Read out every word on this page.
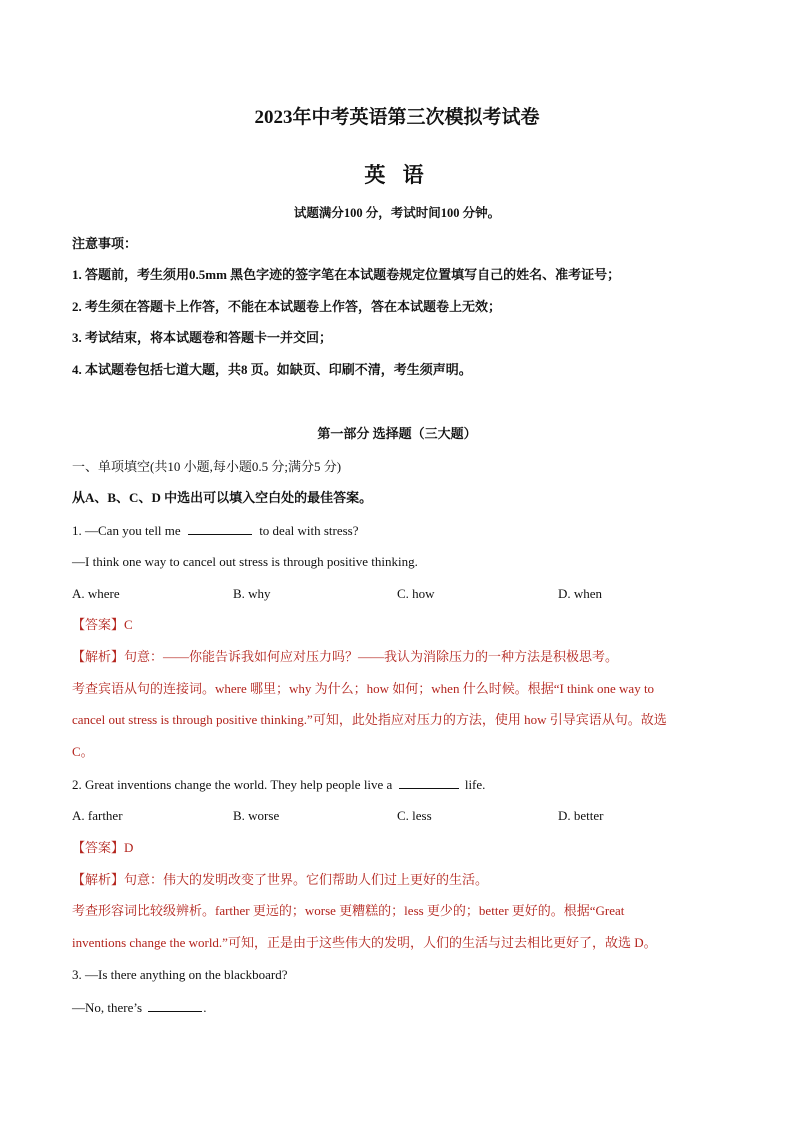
2023年中考英语第三次模拟考试卷
英 语
试题满分100 分，考试时间100 分钟。
注意事项：
1. 答题前，考生须用0.5mm 黑色字迹的签字笔在本试题卷规定位置填写自己的姓名、准考证号；
2. 考生须在答题卡上作答，不能在本试题卷上作答，答在本试题卷上无效；
3. 考试结束，将本试题卷和答题卡一并交回；
4. 本试题卷包括七道大题，共8 页。如缺页、印刷不清，考生须声明。
第一部分 选择题（三大题）
一、单项填空(共10 小题,每小题0.5 分;满分5 分)
从A、B、C、D 中选出可以填入空白处的最佳答案。
1. —Can you tell me	to deal with stress?
—I think one way to cancel out stress is through positive thinking.
A. where	B. why	C. how	D. when
【答案】C
【解析】句意：——你能告诉我如何应对压力吗？——我认为消除压力的一种方法是积极思考。
考查宾语从句的连接词。where 哪里；why 为什么；how 如何；when 什么时候。根据“I think one way to
cancel out stress is through positive thinking.”可知，此处指应对压力的方法，使用 how 引导宾语从句。故选
C。
2. Great inventions change the world. They help people live a	life.
A. farther	B. worse	C. less	D. better
【答案】D
【解析】句意：伟大的发明改变了世界。它们帮助人们过上更好的生活。
考查形容词比较级辨析。farther 更远的；worse 更糟糕的；less 更少的；better 更好的。根据“Great
inventions change the world.”可知，正是由于这些伟大的发明，人们的生活与过去相比更好了，故选 D。
3. —Is there anything on the blackboard?
—No, there’s	.
